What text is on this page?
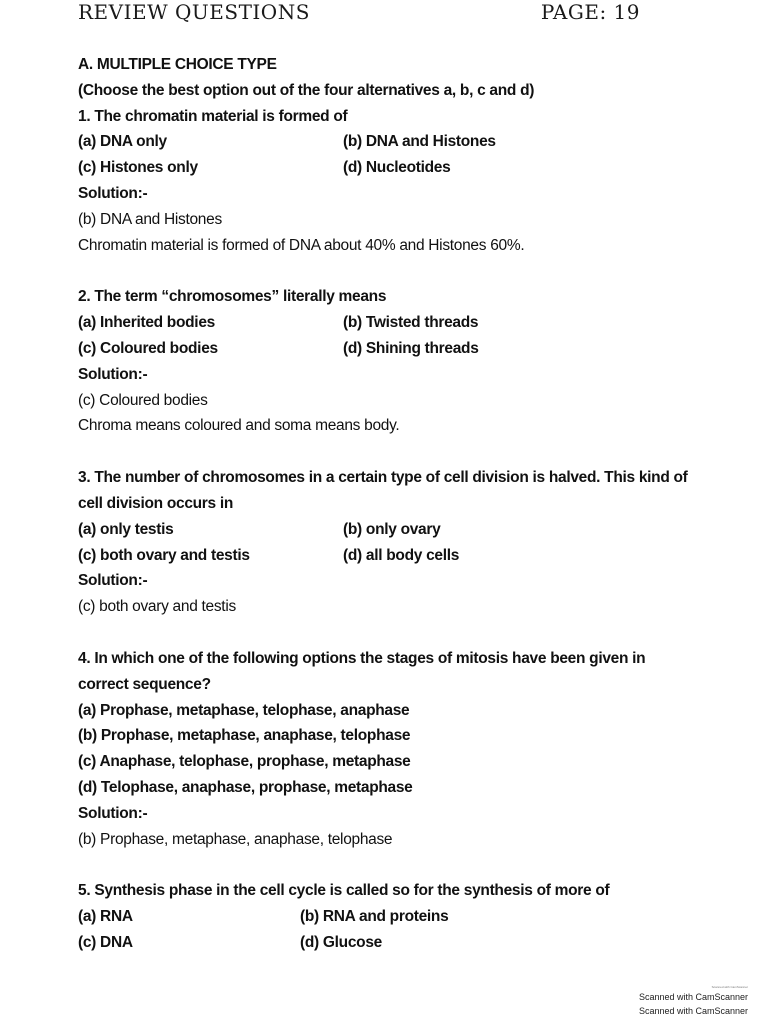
REVIEW QUESTIONS	PAGE: 19
A. MULTIPLE CHOICE TYPE
(Choose the best option out of the four alternatives a, b, c and d)
1. The chromatin material is formed of
(a) DNA only	(b) DNA and Histones
(c) Histones only	(d) Nucleotides
Solution:-
(b) DNA and Histones
Chromatin material is formed of DNA about 40% and Histones 60%.
2. The term “chromosomes” literally means
(a) Inherited bodies	(b) Twisted threads
(c) Coloured bodies	(d) Shining threads
Solution:-
(c) Coloured bodies
Chroma means coloured and soma means body.
3. The number of chromosomes in a certain type of cell division is halved. This kind of
cell division occurs in
(a) only testis	(b) only ovary
(c) both ovary and testis	(d) all body cells
Solution:-
(c) both ovary and testis
4. In which one of the following options the stages of mitosis have been given in
correct sequence?
(a) Prophase, metaphase, telophase, anaphase
(b) Prophase, metaphase, anaphase, telophase
(c) Anaphase, telophase, prophase, metaphase
(d) Telophase, anaphase, prophase, metaphase
Solution:-
(b) Prophase, metaphase, anaphase, telophase
5. Synthesis phase in the cell cycle is called so for the synthesis of more of
(a) RNA	(b) RNA and proteins
(c) DNA	(d) Glucose
Scanned with CamScanner
Scanned with CamScanner
Scanned with CamScanner
